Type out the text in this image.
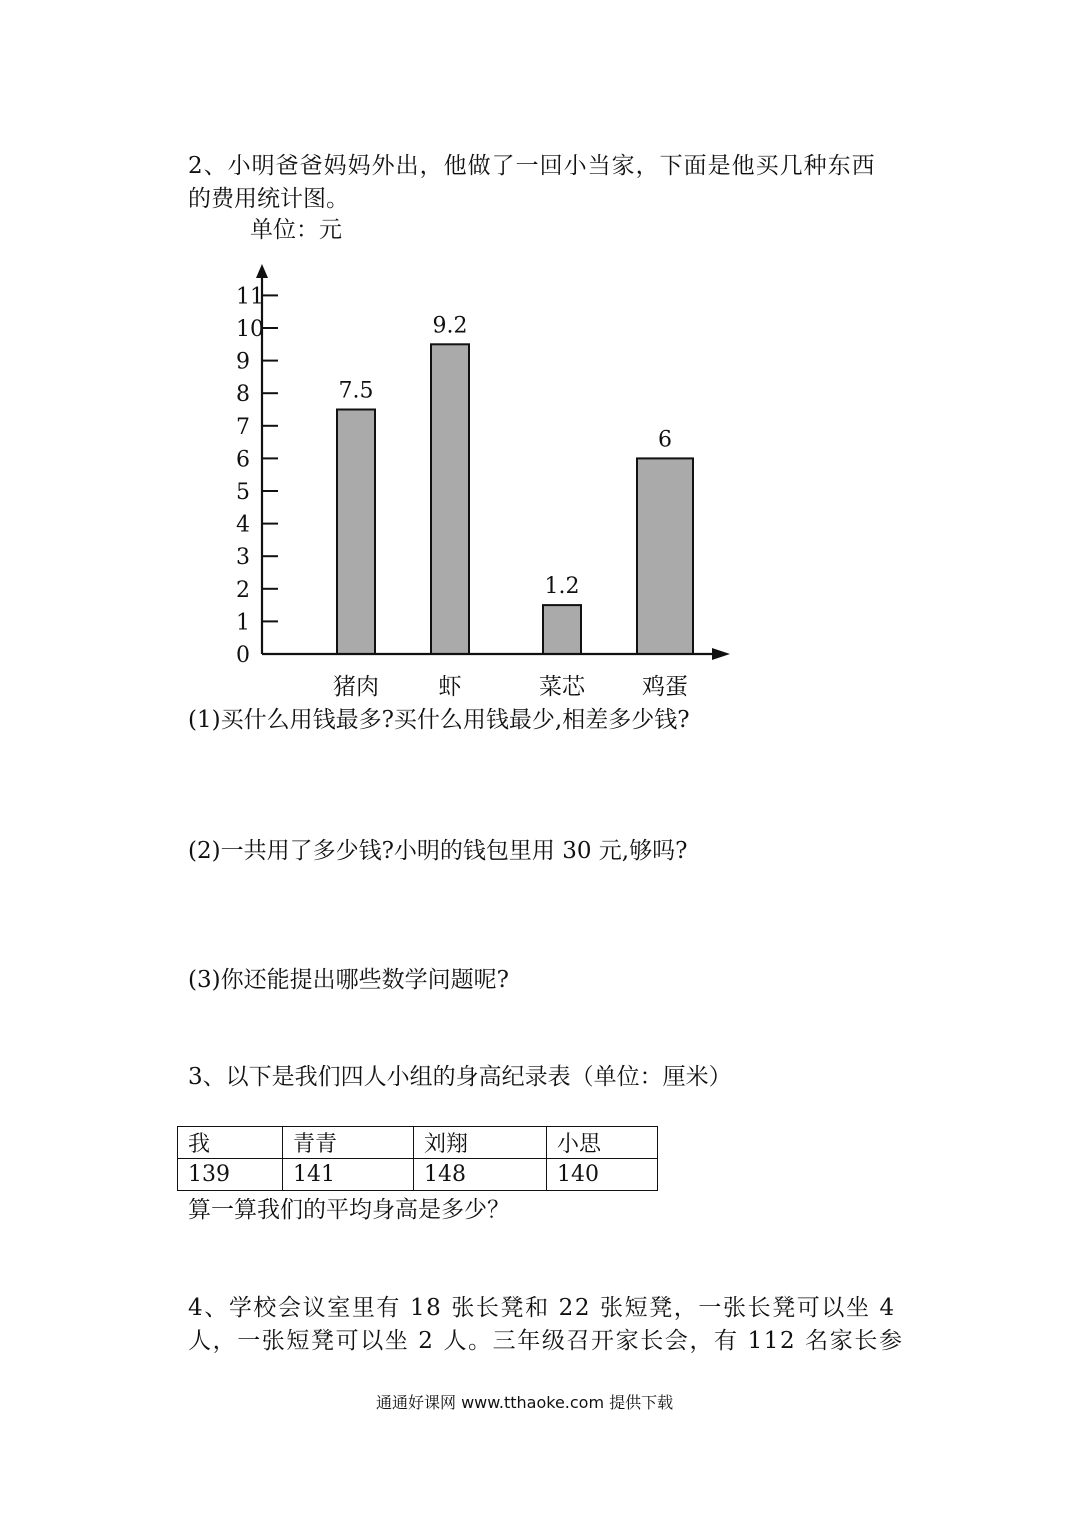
2、小明爸爸妈妈外出，他做了一回小当家，下面是他买几种东西
的费用统计图。
单位：元
0
1
2
3
4
5
6
7
8
9
10
11
7.5
猪肉
9.2
虾
1.2
菜芯
6
鸡蛋
(1)买什么用钱最多?买什么用钱最少,相差多少钱?
(2)一共用了多少钱?小明的钱包里用 30 元,够吗?
(3)你还能提出哪些数学问题呢?
3、以下是我们四人小组的身高纪录表（单位：厘米）
我	青青	刘翔	小思
139	141	148	140
算一算我们的平均身高是多少？
4、学校会议室里有 18 张长凳和 22 张短凳，一张长凳可以坐 4
人，一张短凳可以坐 2 人。三年级召开家长会，有 112 名家长参
通通好课网 www.tthaoke.com 提供下载
